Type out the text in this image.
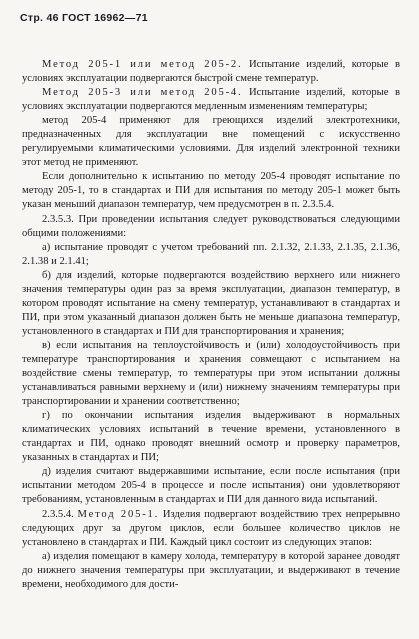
Стр. 46 ГОСТ 16962—71

Метод 205-1 или метод 205-2. Испытание изделий, которые в условиях эксплуатации подвергаются быстрой смене температур.

Метод 205-3 или метод 205-4. Испытание изделий, которые в условиях эксплуатации подвергаются медленным изменениям температуры;

метод 205-4 применяют для греющихся изделий электротехники, предназначенных для эксплуатации вне помещений с искусственно регулируемыми климатическими условиями. Для изделий электронной техники этот метод не применяют.

Если дополнительно к испытанию по методу 205-4 проводят испытание по методу 205-1, то в стандартах и ПИ для испытания по методу 205-1 может быть указан меньший диапазон температур, чем предусмотрен в п. 2.3.5.4.

2.3.5.3. При проведении испытания следует руководствоваться следующими общими положениями:

а) испытание проводят с учетом требований пп. 2.1.32, 2.1.33, 2.1.35, 2.1.36, 2.1.38 и 2.1.41;

б) для изделий, которые подвергаются воздействию верхнего или нижнего значения температуры один раз за время эксплуатации, диапазон температур, в котором проводят испытание на смену температур, устанавливают в стандартах и ПИ, при этом указанный диапазон должен быть не меньше диапазона температур, установленного в стандартах и ПИ для транспортирования и хранения;

в) если испытания на теплоустойчивость и (или) холодоустойчивость при температуре транспортирования и хранения совмещают с испытанием на воздействие смены температур, то температуры при этом испытании должны устанавливаться равными верхнему и (или) нижнему значениям температуры при транспортировании и хранении соответственно;

г) по окончании испытания изделия выдерживают в нормальных климатических условиях испытаний в течение времени, установленного в стандартах и ПИ, однако проводят внешний осмотр и проверку параметров, указанных в стандартах и ПИ;

д) изделия считают выдержавшими испытание, если после испытания (при испытании методом 205-4 в процессе и после испытания) они удовлетворяют требованиям, установленным в стандартах и ПИ для данного вида испытаний.

2.3.5.4. Метод 205-1. Изделия подвергают воздействию трех непрерывно следующих друг за другом циклов, если большее количество циклов не установлено в стандартах и ПИ. Каждый цикл состоит из следующих этапов:

а) изделия помещают в камеру холода, температуру в которой заранее доводят до нижнего значения температуры при эксплуатации, и выдерживают в течение времени, необходимого для дости-
